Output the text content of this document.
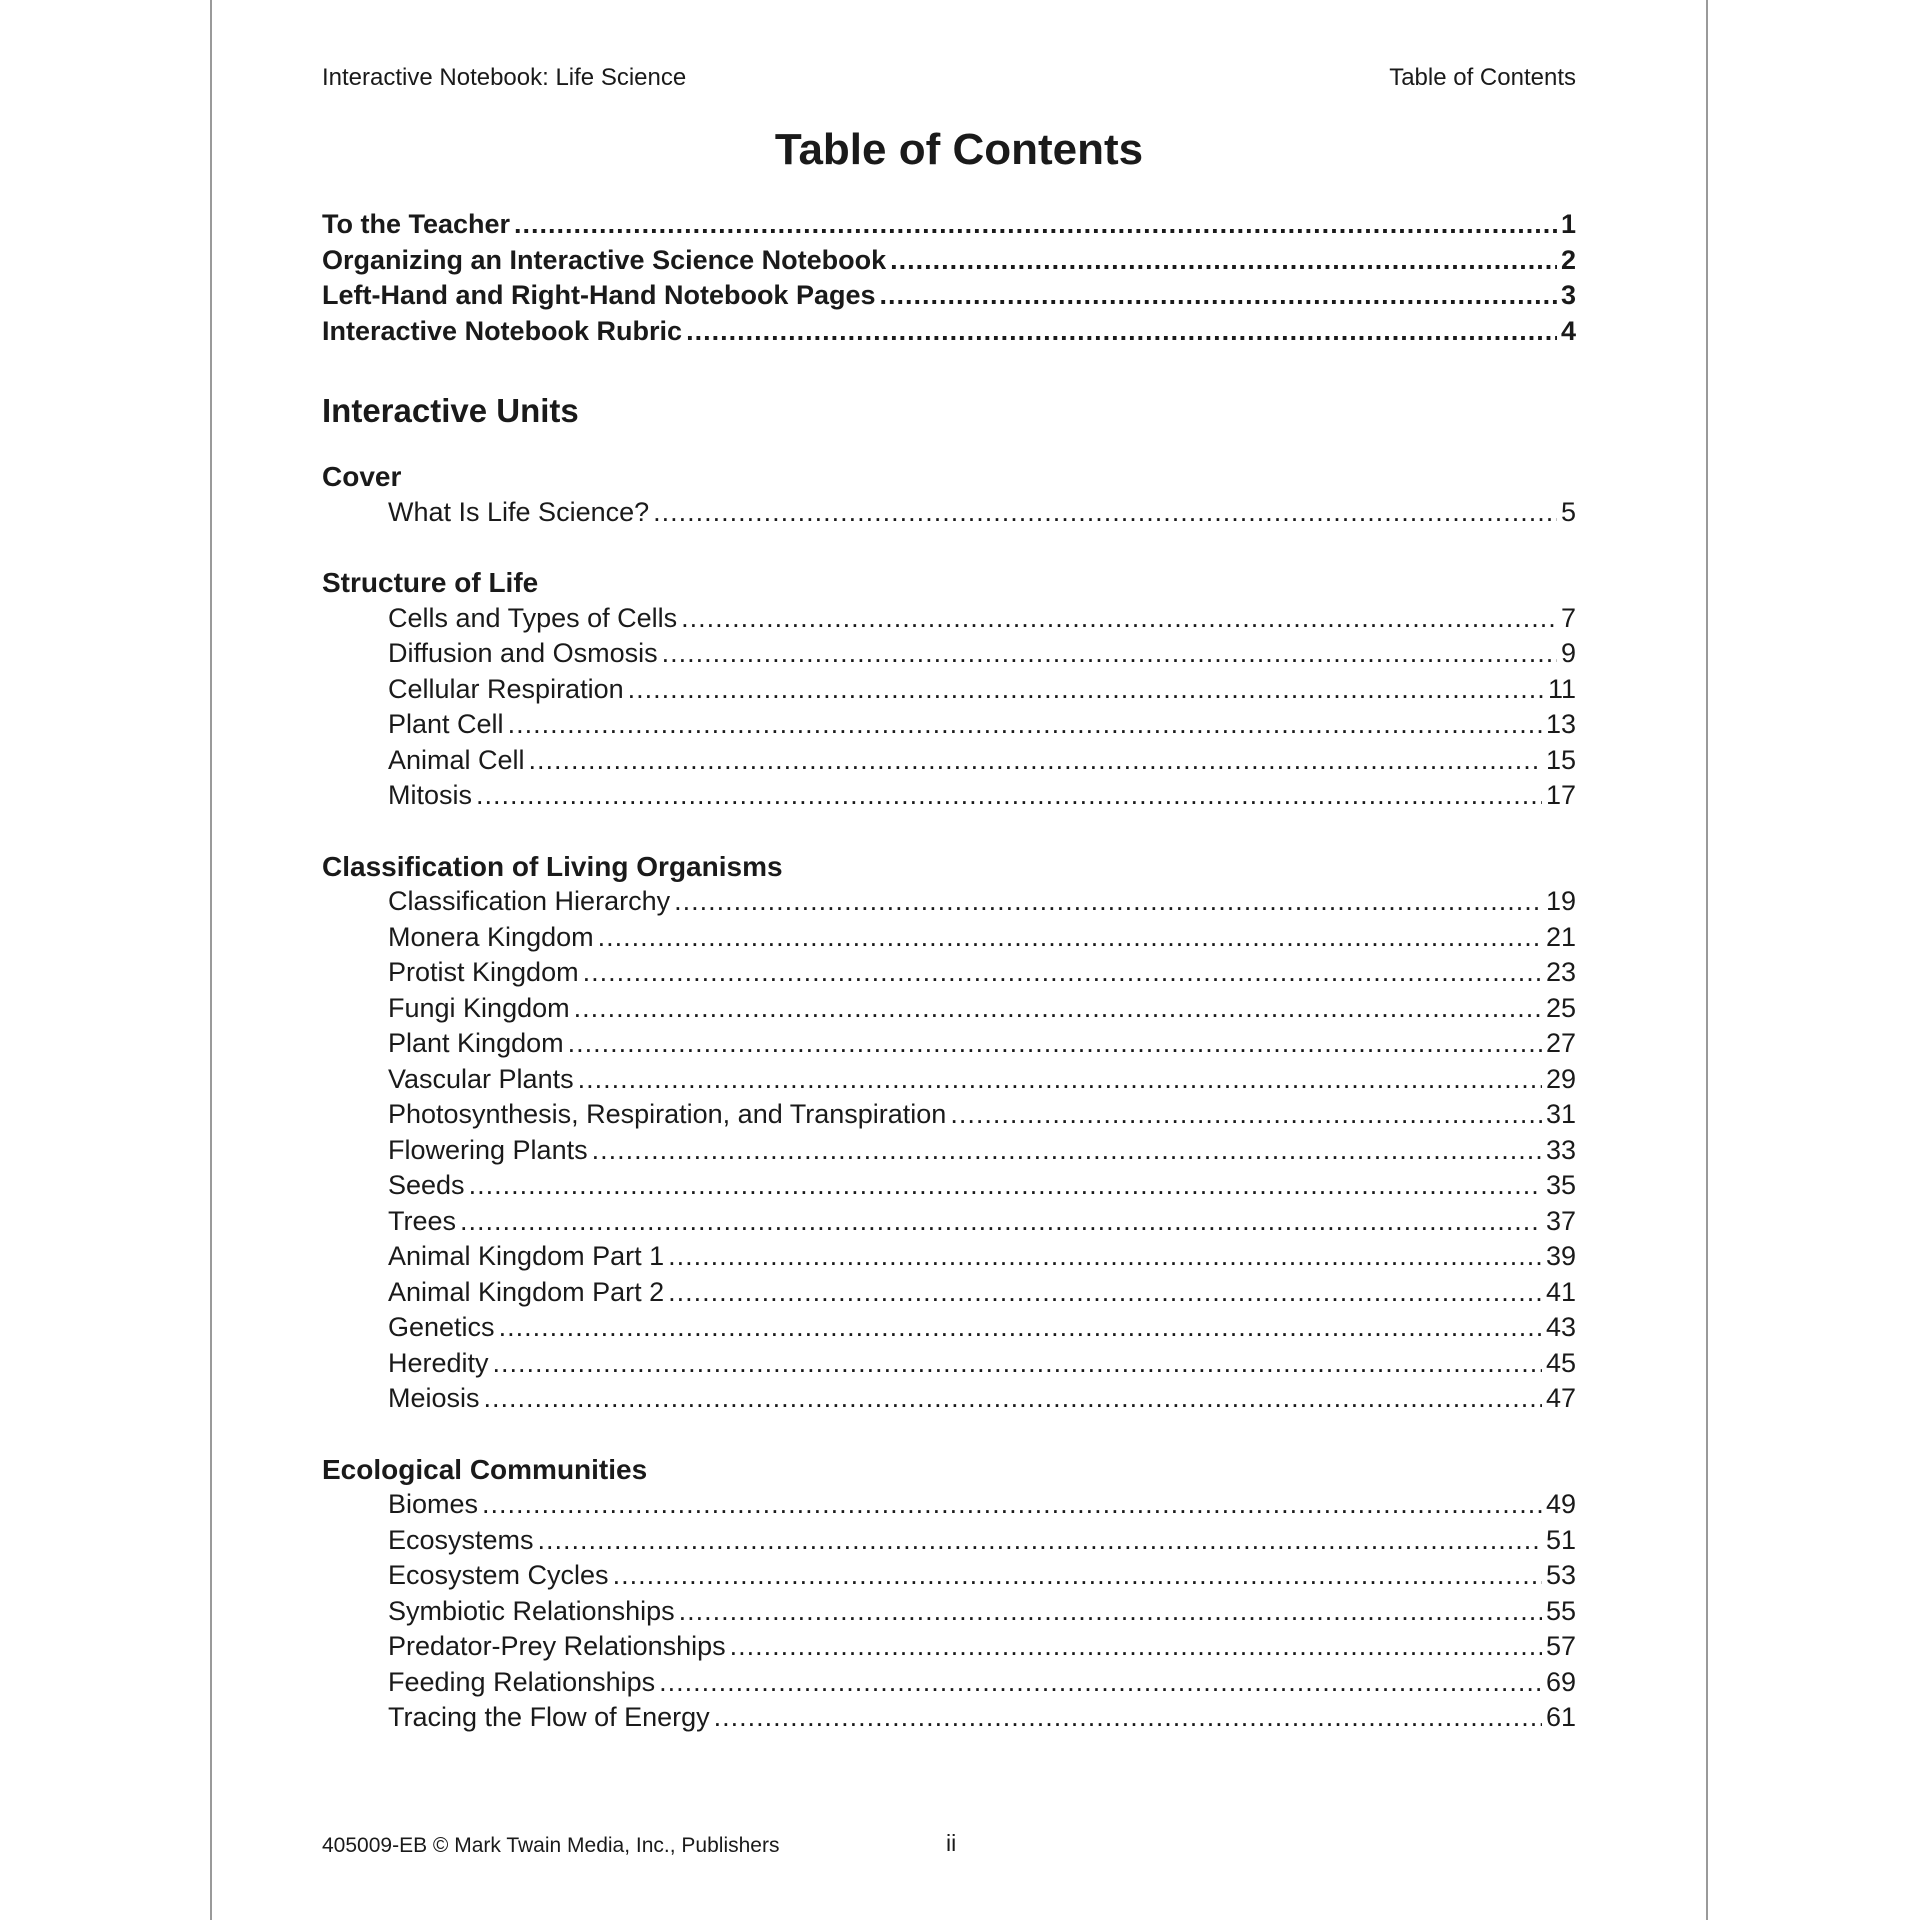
Interactive Notebook: Life Science	Table of Contents
Table of Contents
To the Teacher .....	1
Organizing an Interactive Science Notebook .....	2
Left-Hand and Right-Hand Notebook Pages .....	3
Interactive Notebook Rubric .....	4
Interactive Units
Cover
What Is Life Science? .....	5
Structure of Life
Cells and Types of Cells .....	7
Diffusion and Osmosis .....	9
Cellular Respiration .....	11
Plant Cell .....	13
Animal Cell .....	15
Mitosis .....	17
Classification of Living Organisms
Classification Hierarchy .....	19
Monera Kingdom .....	21
Protist Kingdom .....	23
Fungi Kingdom .....	25
Plant Kingdom .....	27
Vascular Plants .....	29
Photosynthesis, Respiration, and Transpiration .....	31
Flowering Plants .....	33
Seeds .....	35
Trees .....	37
Animal Kingdom Part 1 .....	39
Animal Kingdom Part 2 .....	41
Genetics .....	43
Heredity .....	45
Meiosis .....	47
Ecological Communities
Biomes .....	49
Ecosystems .....	51
Ecosystem Cycles .....	53
Symbiotic Relationships .....	55
Predator-Prey Relationships .....	57
Feeding Relationships .....	69
Tracing the Flow of Energy .....	61
405009-EB © Mark Twain Media, Inc., Publishers	ii
